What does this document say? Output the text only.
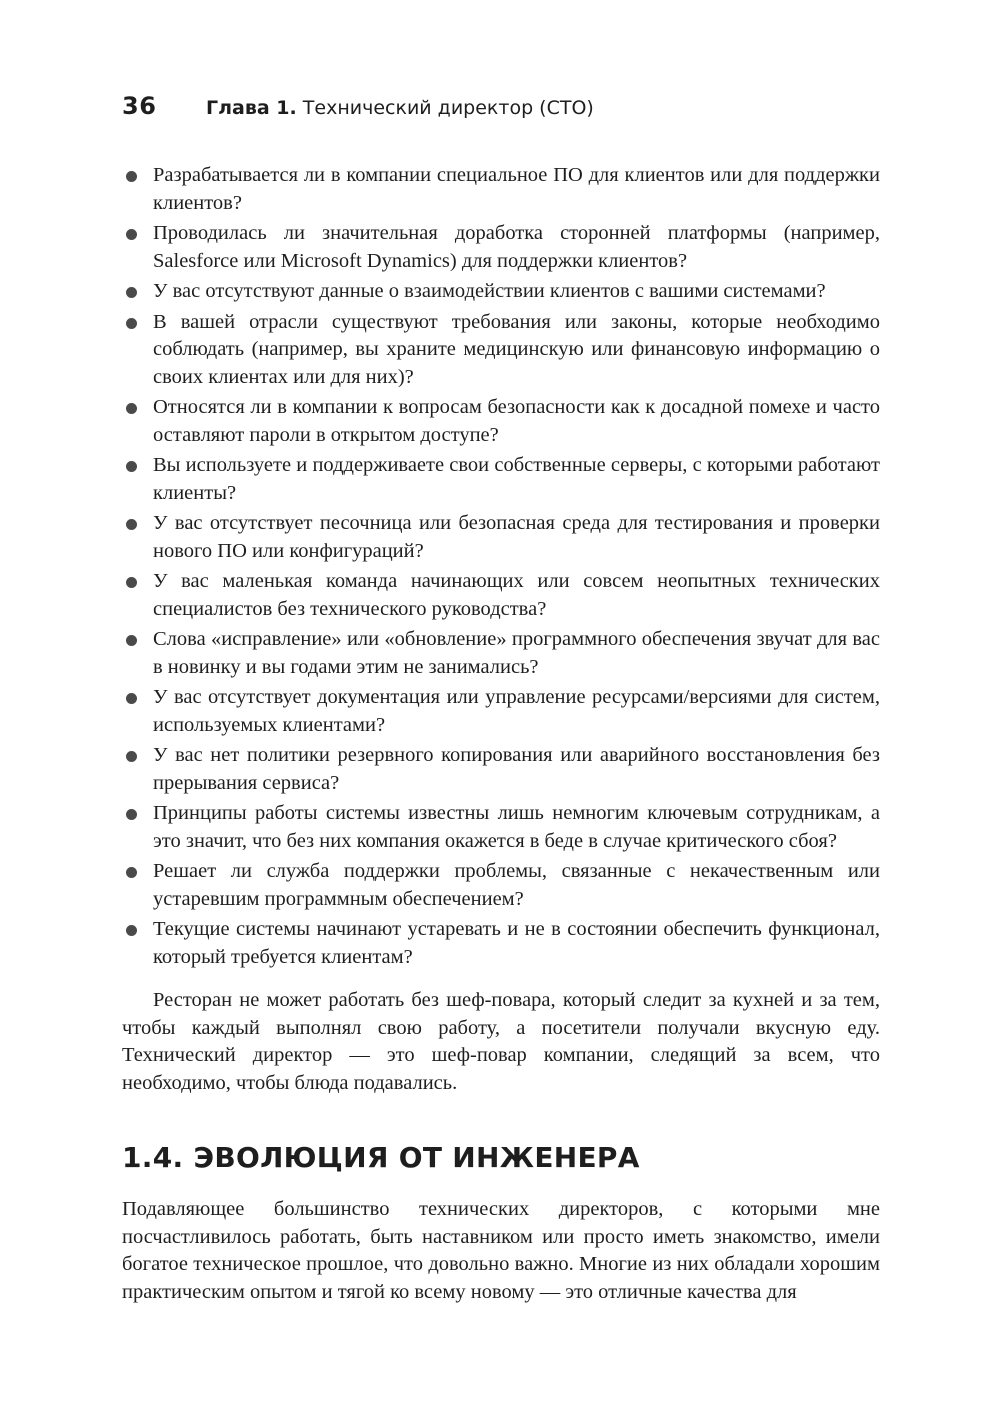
36	Глава 1. Технический директор (CTO)
Разрабатывается ли в компании специальное ПО для клиентов или для поддержки клиентов?
Проводилась ли значительная доработка сторонней платформы (например, Salesforce или Microsoft Dynamics) для поддержки клиентов?
У вас отсутствуют данные о взаимодействии клиентов с вашими системами?
В вашей отрасли существуют требования или законы, которые необходимо соблюдать (например, вы храните медицинскую или финансовую информацию о своих клиентах или для них)?
Относятся ли в компании к вопросам безопасности как к досадной помехе и часто оставляют пароли в открытом доступе?
Вы используете и поддерживаете свои собственные серверы, с которыми работают клиенты?
У вас отсутствует песочница или безопасная среда для тестирования и проверки нового ПО или конфигураций?
У вас маленькая команда начинающих или совсем неопытных технических специалистов без технического руководства?
Слова «исправление» или «обновление» программного обеспечения звучат для вас в новинку и вы годами этим не занимались?
У вас отсутствует документация или управление ресурсами/версиями для систем, используемых клиентами?
У вас нет политики резервного копирования или аварийного восстановления без прерывания сервиса?
Принципы работы системы известны лишь немногим ключевым сотрудникам, а это значит, что без них компания окажется в беде в случае критического сбоя?
Решает ли служба поддержки проблемы, связанные с некачественным или устаревшим программным обеспечением?
Текущие системы начинают устаревать и не в состоянии обеспечить функционал, который требуется клиентам?

Ресторан не может работать без шеф-повара, который следит за кухней и за тем, чтобы каждый выполнял свою работу, а посетители получали вкусную еду. Технический директор — это шеф-повар компании, следящий за всем, что необходимо, чтобы блюда подавались.

1.4. ЭВОЛЮЦИЯ ОТ ИНЖЕНЕРА

Подавляющее большинство технических директоров, с которыми мне посчастливилось работать, быть наставником или просто иметь знакомство, имели богатое техническое прошлое, что довольно важно. Многие из них обладали хорошим практическим опытом и тягой ко всему новому — это отличные качества для
